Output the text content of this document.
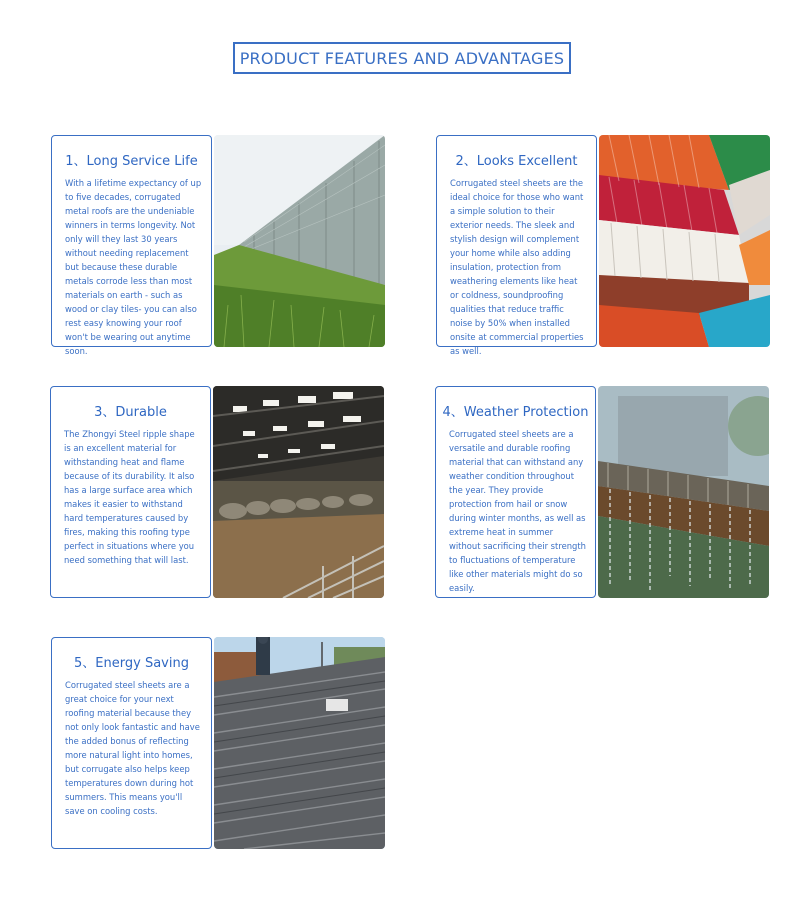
PRODUCT FEATURES AND ADVANTAGES
1、Long Service Life
With a lifetime expectancy of up to five decades, corrugated metal roofs are the undeniable winners in terms longevity. Not only will they last 30 years without needing replacement but because these durable metals corrode less than most materials on earth - such as wood or clay tiles- you can also rest easy knowing your roof won't be wearing out anytime soon.
2、Looks Excellent
Corrugated steel sheets are the ideal choice for those who want a simple solution to their exterior needs. The sleek and stylish design will complement your home while also adding insulation, protection from weathering elements like heat or coldness, soundproofing qualities that reduce traffic noise by 50% when installed onsite at commercial properties as well.
3、Durable
The Zhongyi Steel ripple shape is an excellent material for withstanding heat and flame because of its durability. It also has a large surface area which makes it easier to withstand hard temperatures caused by fires, making this roofing type perfect in situations where you need something that will last.
4、Weather Protection
Corrugated steel sheets are a versatile and durable roofing material that can withstand any weather condition throughout the year. They provide protection from hail or snow during winter months, as well as extreme heat in summer without sacrificing their strength to fluctuations of temperature like other materials might do so easily.
5、Energy Saving
Corrugated steel sheets are a great choice for your next roofing material because they not only look fantastic and have the added bonus of reflecting more natural light into homes, but corrugate also helps keep temperatures down during hot summers. This means you'll save on cooling costs.
